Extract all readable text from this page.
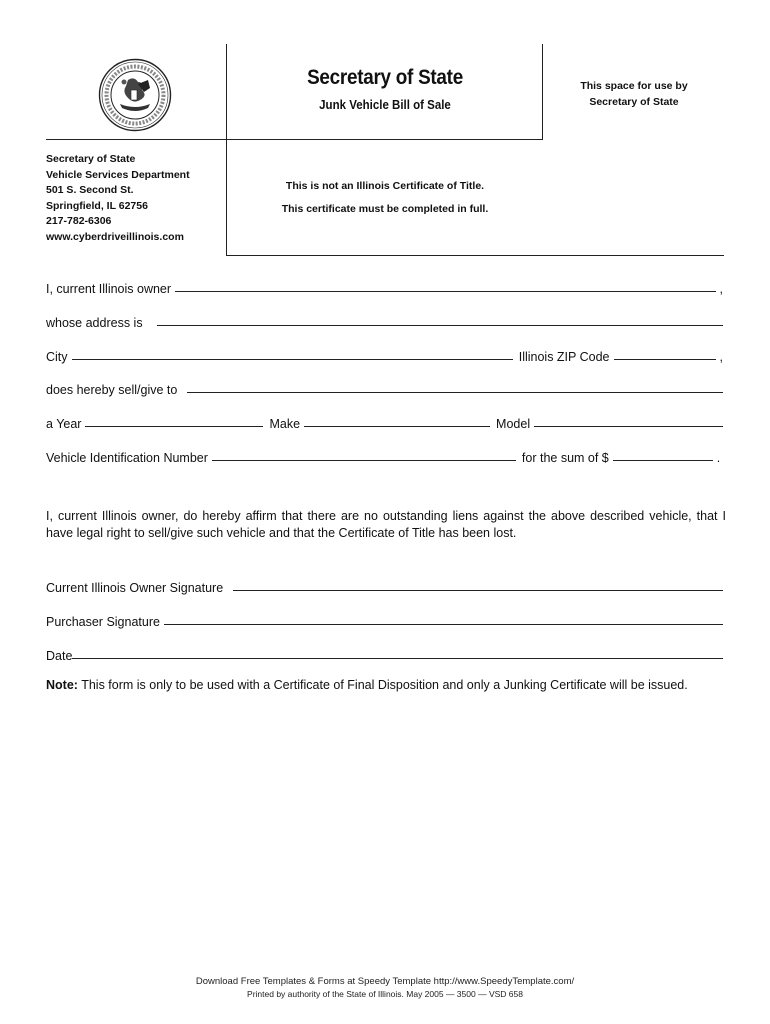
Secretary of State
Junk Vehicle Bill of Sale
This space for use by
Secretary of State
Secretary of State
Vehicle Services Department
501 S. Second St.
Springfield, IL 62756
217-782-6306
www.cyberdriveillinois.com
This is not an Illinois Certificate of Title.
This certificate must be completed in full.
I, current Illinois owner	,
whose address is
City	Illinois ZIP Code	,
does hereby sell/give to
a Year	Make	Model
Vehicle Identification Number	for the sum of $	.
I, current Illinois owner, do hereby affirm that there are no outstanding liens against the above described vehicle, that I have legal right to sell/give such vehicle and that the Certificate of Title has been lost.
Current Illinois Owner Signature
Purchaser Signature
Date
Note: This form is only to be used with a Certificate of Final Disposition and only a Junking Certificate will be issued.
Download Free Templates & Forms at Speedy Template http://www.SpeedyTemplate.com/
Printed by authority of the State of Illinois. May 2005 — 3500 — VSD 658
